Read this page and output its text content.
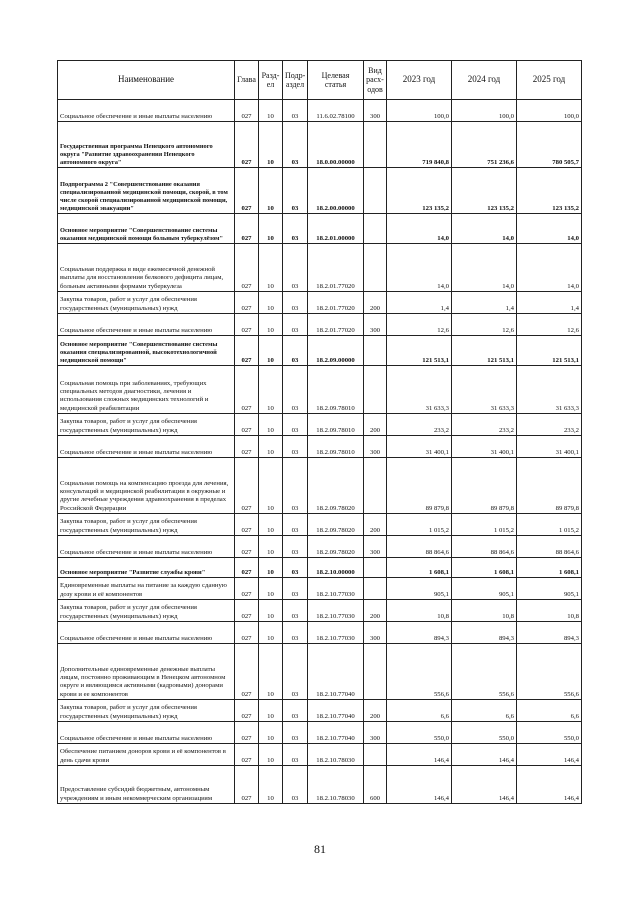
Наименование	Глава	Раздел	Подраздел	Целевая статья	Вид расходов	2023 год	2024 год	2025 год
Социальное обеспечение и иные выплаты населению	027	10	03	11.6.02.78100	300	100,0	100,0	100,0
Государственная программа Ненецкого автономного округа "Развитие здравоохранения Ненецкого автономного округа"	027	10	03	18.0.00.00000		719 840,8	751 236,6	780 505,7
Подпрограмма 2 "Совершенствование оказания специализированной медицинской помощи, скорой, в том числе скорой специализированной медицинской помощи, медицинской эвакуации"	027	10	03	18.2.00.00000		123 135,2	123 135,2	123 135,2
Основное мероприятие "Совершенствование системы оказания медицинской помощи больным туберкулёзом"	027	10	03	18.2.01.00000		14,0	14,0	14,0
Социальная поддержка в виде ежемесячной денежной выплаты для восстановления белкового дефицита лицам, больным активными формами туберкулеза	027	10	03	18.2.01.77020		14,0	14,0	14,0
Закупка товаров, работ и услуг для обеспечения государственных (муниципальных) нужд	027	10	03	18.2.01.77020	200	1,4	1,4	1,4
Социальное обеспечение и иные выплаты населению	027	10	03	18.2.01.77020	300	12,6	12,6	12,6
Основное мероприятие "Совершенствование системы оказания специализированной, высокотехнологичной медицинской помощи"	027	10	03	18.2.09.00000		121 513,1	121 513,1	121 513,1
Социальная помощь при заболеваниях, требующих специальных методов диагностики, лечения и использования сложных медицинских технологий и медицинской реабилитации	027	10	03	18.2.09.78010		31 633,3	31 633,3	31 633,3
Закупка товаров, работ и услуг для обеспечения государственных (муниципальных) нужд	027	10	03	18.2.09.78010	200	233,2	233,2	233,2
Социальное обеспечение и иные выплаты населению	027	10	03	18.2.09.78010	300	31 400,1	31 400,1	31 400,1
Социальная помощь на компенсацию проезда для лечения, консультаций и медицинской реабилитации в окружные и другие лечебные учреждения здравоохранения в пределах Российской Федерации	027	10	03	18.2.09.78020		89 879,8	89 879,8	89 879,8
Закупка товаров, работ и услуг для обеспечения государственных (муниципальных) нужд	027	10	03	18.2.09.78020	200	1 015,2	1 015,2	1 015,2
Социальное обеспечение и иные выплаты населению	027	10	03	18.2.09.78020	300	88 864,6	88 864,6	88 864,6
Основное мероприятие "Развитие службы крови"	027	10	03	18.2.10.00000		1 608,1	1 608,1	1 608,1
Единовременные выплаты на питание за каждую сданную дозу крови и её компонентов	027	10	03	18.2.10.77030		905,1	905,1	905,1
Закупка товаров, работ и услуг для обеспечения государственных (муниципальных) нужд	027	10	03	18.2.10.77030	200	10,8	10,8	10,8
Социальное обеспечение и иные выплаты населению	027	10	03	18.2.10.77030	300	894,3	894,3	894,3
Дополнительные единовременные денежные выплаты лицам, постоянно проживающим в Ненецком автономном округе и являющимся активными (кадровыми) донорами крови и ее компонентов	027	10	03	18.2.10.77040		556,6	556,6	556,6
Закупка товаров, работ и услуг для обеспечения государственных (муниципальных) нужд	027	10	03	18.2.10.77040	200	6,6	6,6	6,6
Социальное обеспечение и иные выплаты населению	027	10	03	18.2.10.77040	300	550,0	550,0	550,0
Обеспечение питанием доноров крови и её компонентов в день сдачи крови	027	10	03	18.2.10.78030		146,4	146,4	146,4
Предоставление субсидий бюджетным, автономным учреждениям и иным некоммерческим организациям	027	10	03	18.2.10.78030	600	146,4	146,4	146,4
81
